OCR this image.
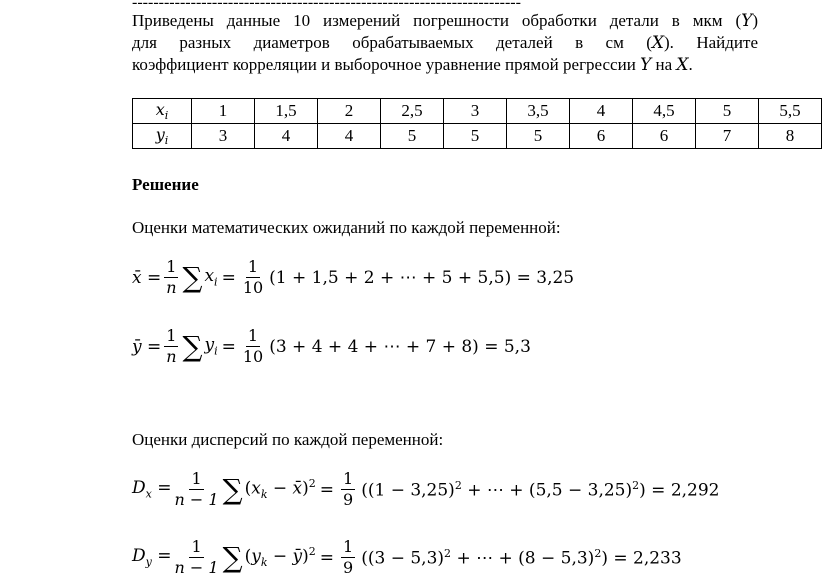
-------------------------------------------------------------------------
Приведены данные 10 измерений погрешности обработки детали в мкм (𝑌)
для разных диаметров обрабатываемых деталей в см (𝑋). Найдите
коэффициент корреляции и выборочное уравнение прямой регрессии 𝑌 на 𝑋.
𝑥$_𝑖$	1	1,5	2	2,5	3	3,5	4	4,5	5	5,5
𝑦$_𝑖$	3	4	4	5	5	5	6	6	7	8
Решение
Оценки математических ожиданий по каждой переменной:
𝑥̄ = $\frac{1}{\text{𝑛}}$ ∑ 𝑥$_𝑖$ = $\frac{1}{10} (1 + 1,5 + 2$ + ⋯ + 5 + 5,5) = 3,25
𝑦̄ = $\frac{1}{\text{𝑛}}$ ∑ 𝑦$_𝑖$ = $\frac{1}{10} (3 + 4 + 4$ + ⋯ + 7 + 8) = 5,3
Оценки дисперсий по каждой переменной:
𝐷$_𝑥$ = $\frac{1}{\text{𝑛 − 1}}$ ∑ (𝑥$_𝑘$ − 𝑥̄)$^2$ = $\frac{1}{9} ((1 - 3,25)^2$ + ⋯ + $(5,5 - 3,25)^2) = 2,292$
𝐷$_𝑦$ = $\frac{1}{\text{𝑛 − 1}}$ ∑ (𝑦$_𝑘$ − 𝑦̄)$^2$ = $\frac{1}{9} ((3 - 5,3)^2$ + ⋯ + $(8 - 5,3)^2) = 2,233$
